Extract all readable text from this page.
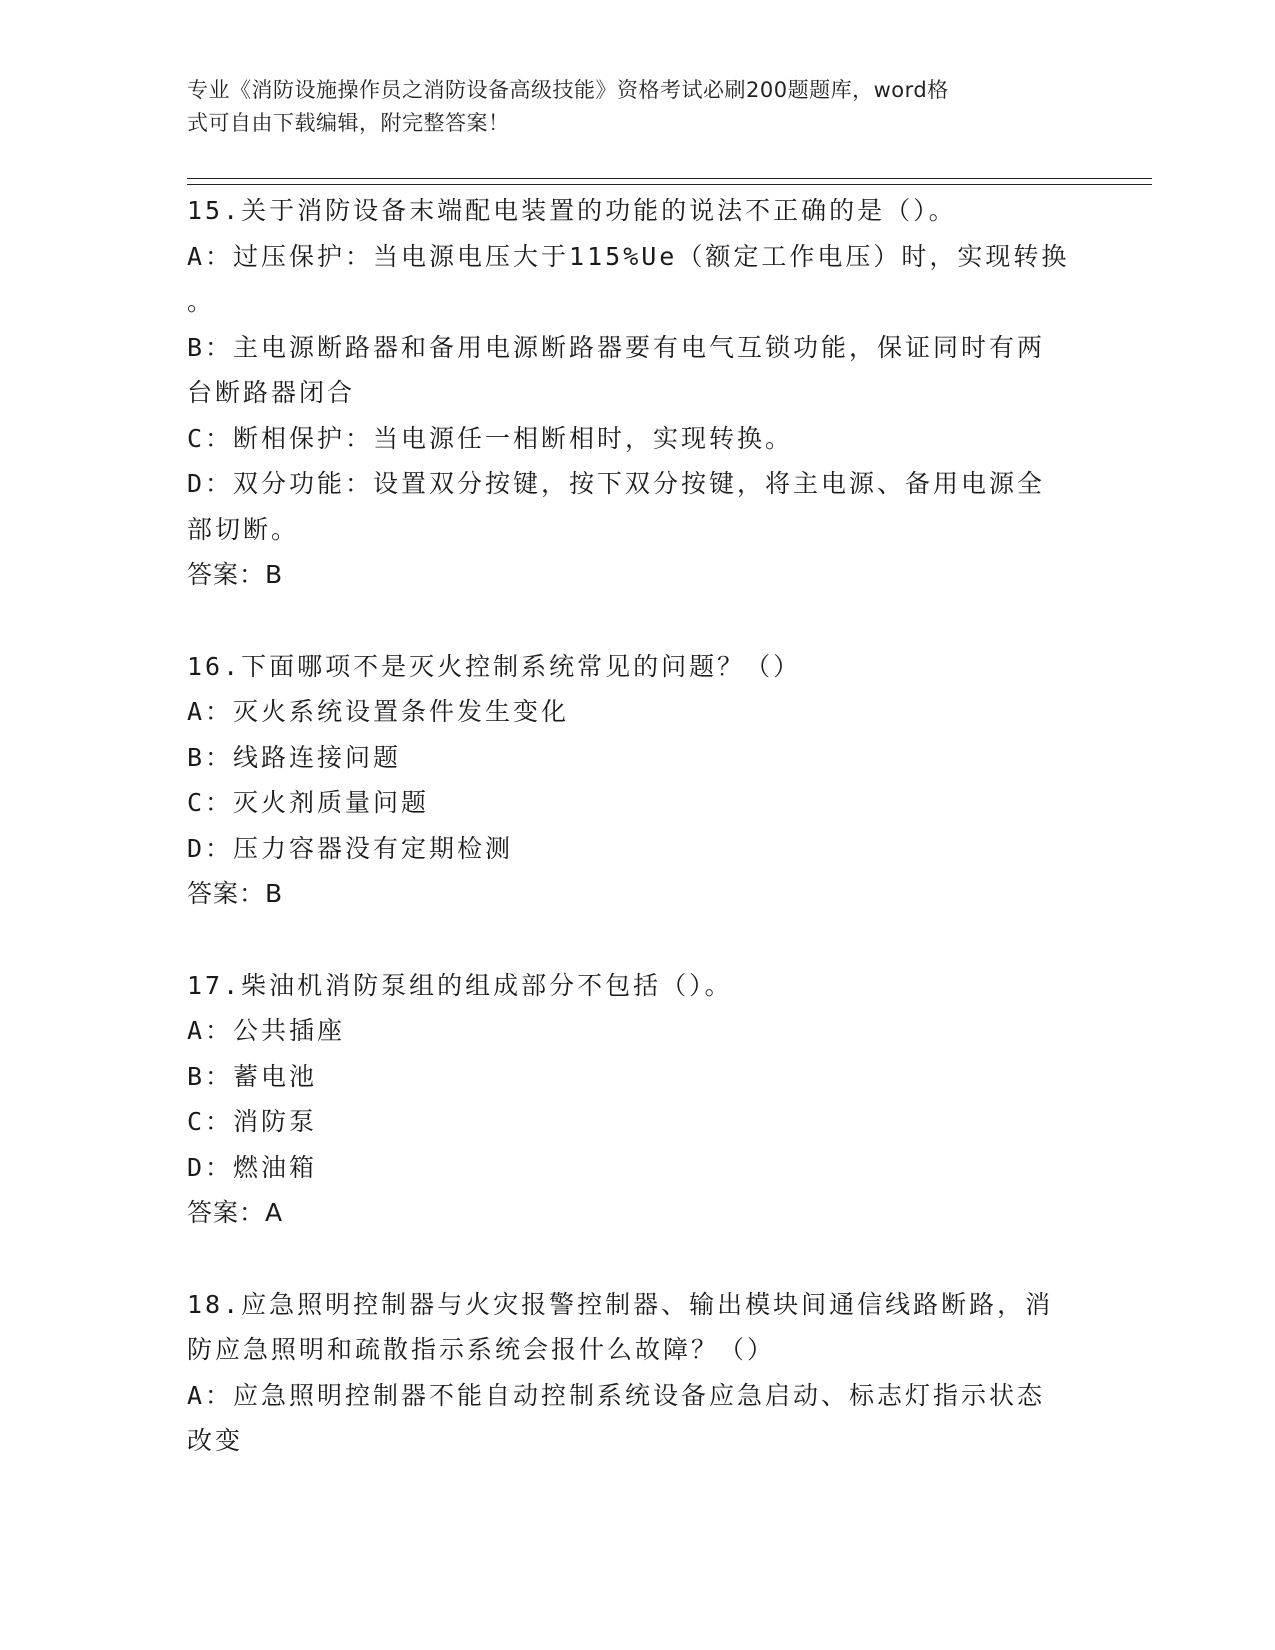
专业《消防设施操作员之消防设备高级技能》资格考试必刷200题题库，word格
式可自由下载编辑，附完整答案！
15.关于消防设备末端配电装置的功能的说法不正确的是（）。
A：过压保护：当电源电压大于115%Ue（额定工作电压）时，实现转换
。
B：主电源断路器和备用电源断路器要有电气互锁功能，保证同时有两
台断路器闭合
C：断相保护：当电源任一相断相时，实现转换。
D：双分功能：设置双分按键，按下双分按键，将主电源、备用电源全
部切断。
答案：B
16.下面哪项不是灭火控制系统常见的问题？（）
A：灭火系统设置条件发生变化
B：线路连接问题
C：灭火剂质量问题
D：压力容器没有定期检测
答案：B
17.柴油机消防泵组的组成部分不包括（）。
A：公共插座
B：蓄电池
C：消防泵
D：燃油箱
答案：A
18.应急照明控制器与火灾报警控制器、输出模块间通信线路断路，消
防应急照明和疏散指示系统会报什么故障？（）
A：应急照明控制器不能自动控制系统设备应急启动、标志灯指示状态
改变
